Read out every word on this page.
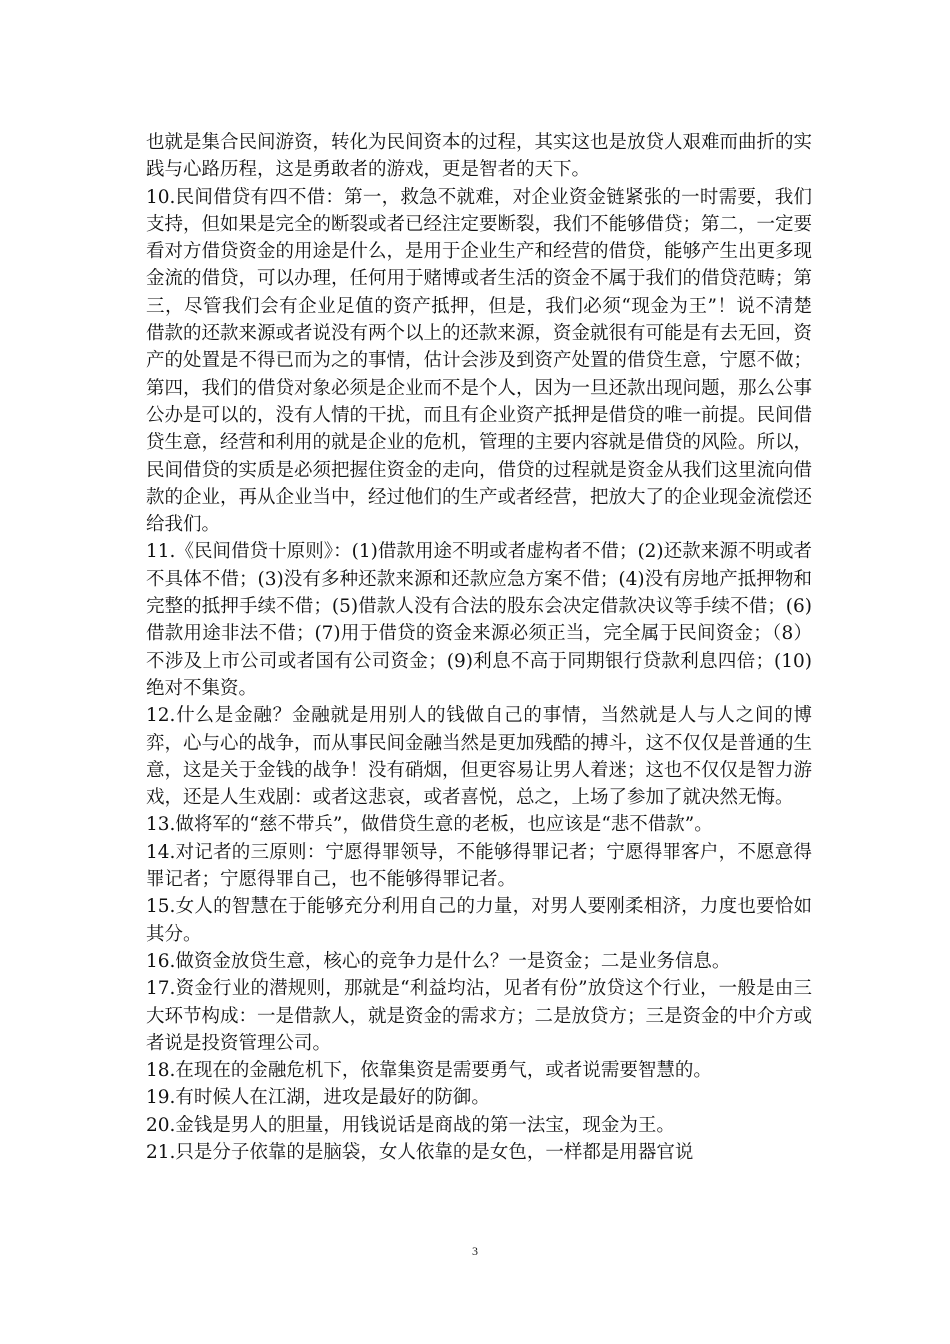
也就是集合民间游资，转化为民间资本的过程，其实这也是放贷人艰难而曲折的实践与心路历程，这是勇敢者的游戏，更是智者的天下。

10.民间借贷有四不借：第一，救急不就难，对企业资金链紧张的一时需要，我们支持，但如果是完全的断裂或者已经注定要断裂，我们不能够借贷；第二，一定要看对方借贷资金的用途是什么，是用于企业生产和经营的借贷，能够产生出更多现金流的借贷，可以办理，任何用于赌博或者生活的资金不属于我们的借贷范畴；第三，尽管我们会有企业足值的资产抵押，但是，我们必须“现金为王”！说不清楚借款的还款来源或者说没有两个以上的还款来源，资金就很有可能是有去无回，资产的处置是不得已而为之的事情，估计会涉及到资产处置的借贷生意，宁愿不做；第四，我们的借贷对象必须是企业而不是个人，因为一旦还款出现问题，那么公事公办是可以的，没有人情的干扰，而且有企业资产抵押是借贷的唯一前提。民间借贷生意，经营和利用的就是企业的危机，管理的主要内容就是借贷的风险。所以，民间借贷的实质是必须把握住资金的走向，借贷的过程就是资金从我们这里流向借款的企业，再从企业当中，经过他们的生产或者经营，把放大了的企业现金流偿还给我们。

11.《民间借贷十原则》：(1)借款用途不明或者虚构者不借；(2)还款来源不明或者不具体不借；(3)没有多种还款来源和还款应急方案不借；(4)没有房地产抵押物和完整的抵押手续不借；(5)借款人没有合法的股东会决定借款决议等手续不借；(6)借款用途非法不借；(7)用于借贷的资金来源必须正当，完全属于民间资金；（8）不涉及上市公司或者国有公司资金；(9)利息不高于同期银行贷款利息四倍；(10)绝对不集资。

12.什么是金融？金融就是用别人的钱做自己的事情，当然就是人与人之间的博弈，心与心的战争，而从事民间金融当然是更加残酷的搏斗，这不仅仅是普通的生意，这是关于金钱的战争！没有硝烟，但更容易让男人着迷；这也不仅仅是智力游戏，还是人生戏剧：或者这悲哀，或者喜悦，总之，上场了参加了就决然无悔。

13.做将军的“慈不带兵”，做借贷生意的老板，也应该是“悲不借款”。

14.对记者的三原则：宁愿得罪领导，不能够得罪记者；宁愿得罪客户，不愿意得罪记者；宁愿得罪自己，也不能够得罪记者。

15.女人的智慧在于能够充分利用自己的力量，对男人要刚柔相济，力度也要恰如其分。

16.做资金放贷生意，核心的竞争力是什么？一是资金；二是业务信息。

17.资金行业的潜规则，那就是“利益均沾，见者有份”放贷这个行业，一般是由三大环节构成：一是借款人，就是资金的需求方；二是放贷方；三是资金的中介方或者说是投资管理公司。

18.在现在的金融危机下，依靠集资是需要勇气，或者说需要智慧的。

19.有时候人在江湖，进攻是最好的防御。

20.金钱是男人的胆量，用钱说话是商战的第一法宝，现金为王。

21.只是分子依靠的是脑袋，女人依靠的是女色，一样都是用器官说

3
